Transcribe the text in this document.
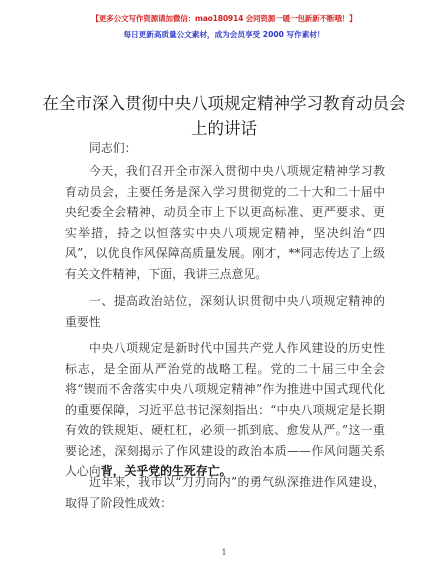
【更多公文写作资源请加微信：mao180914 会同资源一暖一包新新不断哦！】
每日更新高质量公文素材，成为会员享受 2000 写作素材！
在全市深入贯彻中央八项规定精神学习教育动员会上的讲话

同志们：

今天，我们召开全市深入贯彻中央八项规定精神学习教育动员会，主要任务是深入学习贯彻党的二十大和二十届中央纪委全会精神，动员全市上下以更高标准、更严要求、更实举措，持之以恒落实中央八项规定精神，坚决纠治“四风”，以优良作风保障高质量发展。刚才，**同志传达了上级有关文件精神，下面，我讲三点意见。

一、提高政治站位，深刻认识贯彻中央八项规定精神的重要性

中央八项规定是新时代中国共产党人作风建设的历史性标志，是全面从严治党的战略工程。党的二十届三中全会将“锲而不舍落实中央八项规定精神”作为推进中国式现代化的重要保障，习近平总书记深刻指出：“中央八项规定是长期有效的铁规矩、硬杠杠，必须一抓到底、愈发从严。”这一重要论述，深刻揭示了作风建设的政治本质——作风问题关系人心向背，关乎党的生死存亡。

近年来，我市以“刀刃向内”的勇气纵深推进作风建设，取得了阶段性成效：

1
